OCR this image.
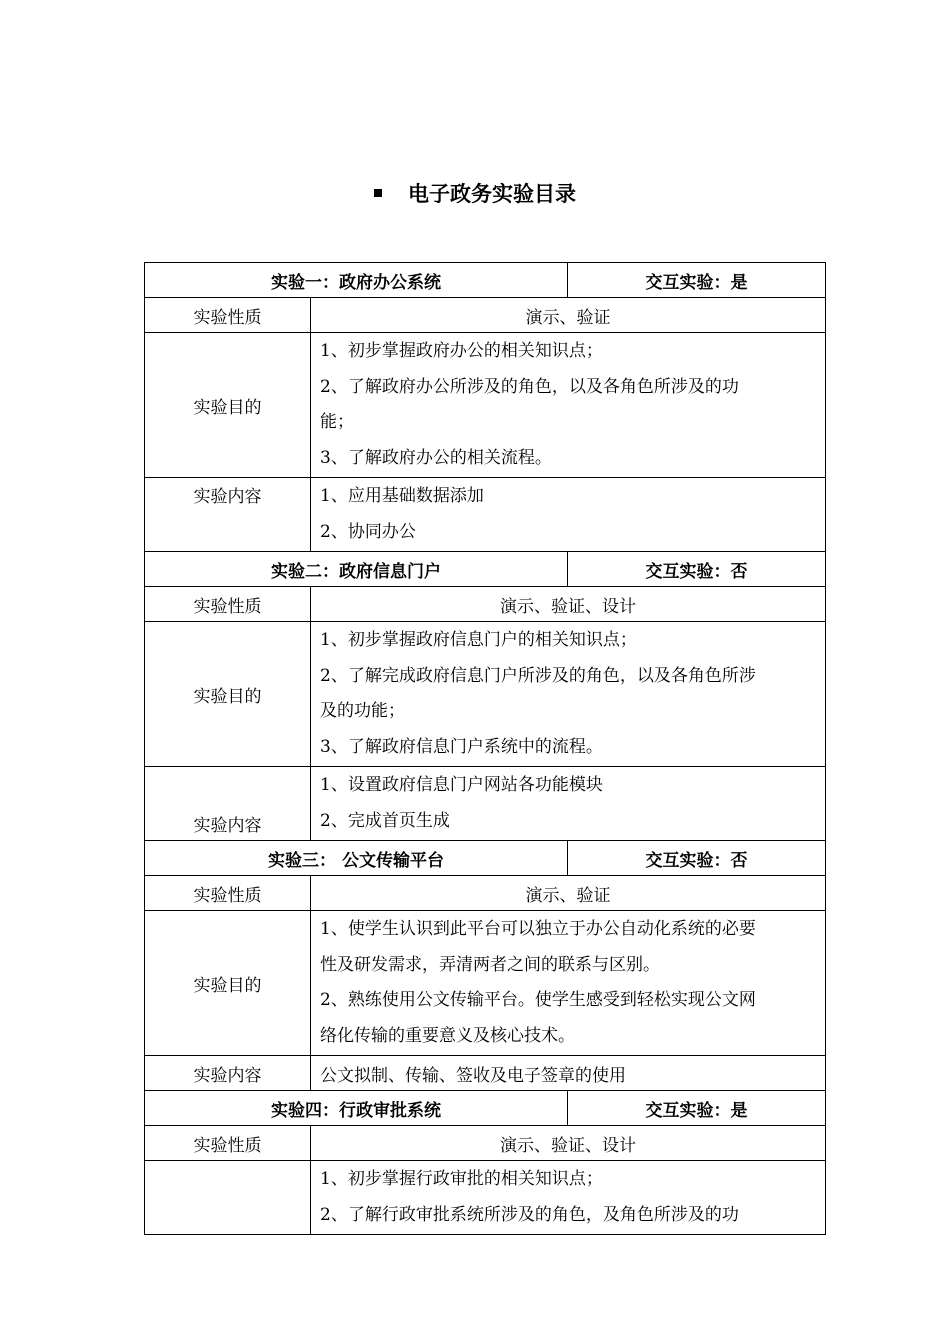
电子政务实验目录
实验一：政府办公系统		交互实验：是
实验性质	演示、验证	
实验目的	1、初步掌握政府办公的相关知识点；
2、了解政府办公所涉及的角色，以及各角色所涉及的功
能；
3、了解政府办公的相关流程。	

实验内容	1、应用基础数据添加
2、协同办公	

实验二：政府信息门户		交互实验：否
实验性质	演示、验证、设计	
实验目的	1、初步掌握政府信息门户的相关知识点；
2、了解完成政府信息门户所涉及的角色，以及各角色所涉
及的功能；
3、了解政府信息门户系统中的流程。	

实验内容	1、设置政府信息门户网站各功能模块
2、完成首页生成	

实验三： 公文传输平台		交互实验：否
实验性质	演示、验证	
实验目的	1、使学生认识到此平台可以独立于办公自动化系统的必要
性及研发需求，弄清两者之间的联系与区别。
2、熟练使用公文传输平台。使学生感受到轻松实现公文网
络化传输的重要意义及核心技术。	

实验内容	公文拟制、传输、签收及电子签章的使用	
实验四：行政审批系统		交互实验：是
实验性质	演示、验证、设计	

	1、初步掌握行政审批的相关知识点；
2、了解行政审批系统所涉及的角色，及角色所涉及的功	
